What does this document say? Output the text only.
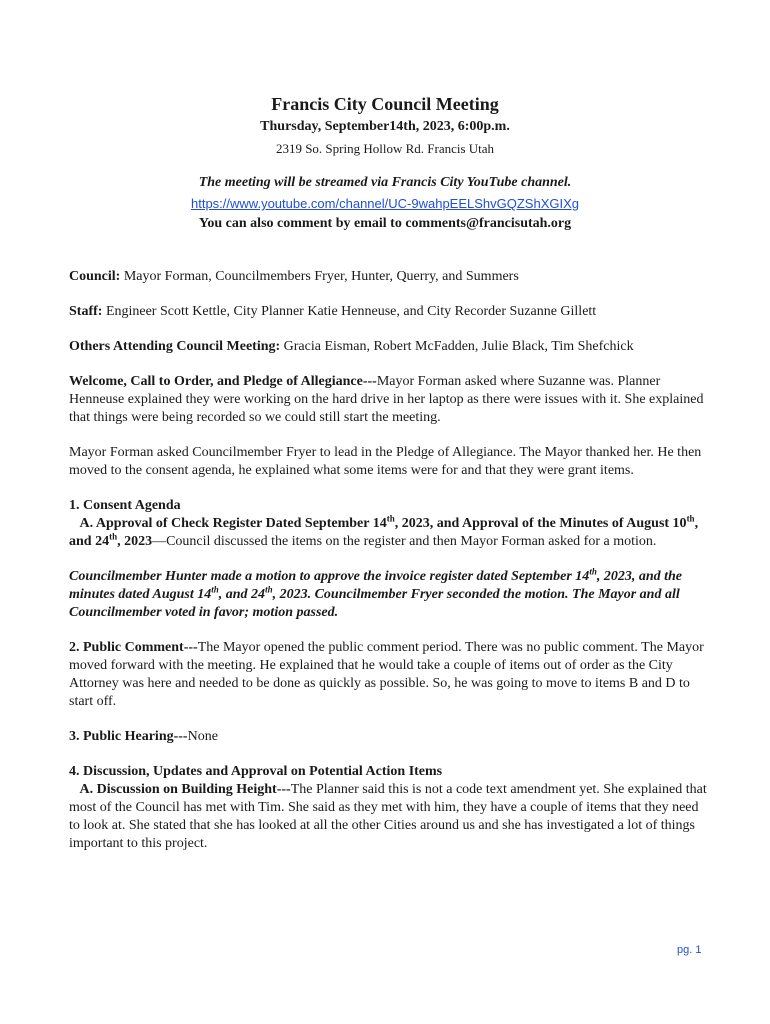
Francis City Council Meeting
Thursday, September14th, 2023, 6:00p.m.
2319 So. Spring Hollow Rd. Francis Utah
The meeting will be streamed via Francis City YouTube channel.
https://www.youtube.com/channel/UC-9wahpEELShvGQZShXGIXg
You can also comment by email to comments@francisutah.org

Council: Mayor Forman, Councilmembers Fryer, Hunter, Querry, and Summers

Staff: Engineer Scott Kettle, City Planner Katie Henneuse, and City Recorder Suzanne Gillett

Others Attending Council Meeting: Gracia Eisman, Robert McFadden, Julie Black, Tim Shefchick

Welcome, Call to Order, and Pledge of Allegiance---Mayor Forman asked where Suzanne was. Planner Henneuse explained they were working on the hard drive in her laptop as there were issues with it. She explained that things were being recorded so we could still start the meeting.

Mayor Forman asked Councilmember Fryer to lead in the Pledge of Allegiance. The Mayor thanked her. He then moved to the consent agenda, he explained what some items were for and that they were grant items.

1. Consent Agenda

A. Approval of Check Register Dated September 14th, 2023, and Approval of the Minutes of August 10th, and 24th, 2023—Council discussed the items on the register and then Mayor Forman asked for a motion.

Councilmember Hunter made a motion to approve the invoice register dated September 14th, 2023, and the minutes dated August 14th, and 24th, 2023. Councilmember Fryer seconded the motion. The Mayor and all Councilmember voted in favor; motion passed.

2. Public Comment---The Mayor opened the public comment period. There was no public comment. The Mayor moved forward with the meeting. He explained that he would take a couple of items out of order as the City Attorney was here and needed to be done as quickly as possible. So, he was going to move to items B and D to start off.

3. Public Hearing---None

4. Discussion, Updates and Approval on Potential Action Items

A. Discussion on Building Height---The Planner said this is not a code text amendment yet. She explained that most of the Council has met with Tim. She said as they met with him, they have a couple of items that they need to look at. She stated that she has looked at all the other Cities around us and she has investigated a lot of things important to this project.

pg. 1
